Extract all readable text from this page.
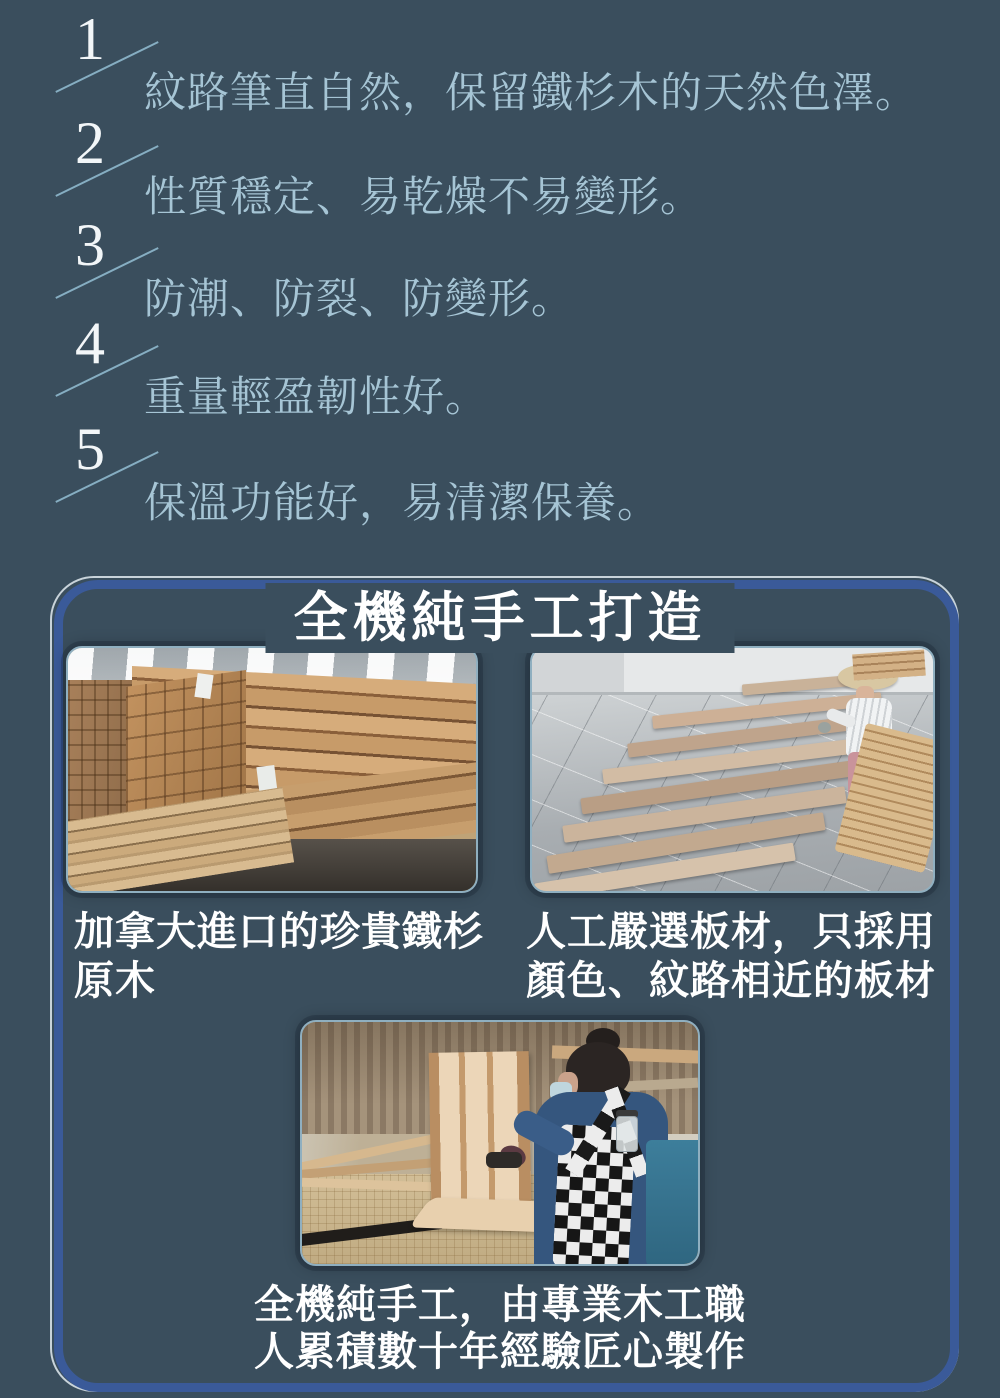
1
紋路筆直自然，保留鐵杉木的天然色澤。
2
性質穩定、易乾燥不易變形。
3
防潮、防裂、防變形。
4
重量輕盈韌性好。
5
保溫功能好，易清潔保養。
全機純手工打造
加拿大進口的珍貴鐵杉
原木
人工嚴選板材，只採用
顏色、紋路相近的板材
全機純手工，由專業木工職
人累積數十年經驗匠心製作
